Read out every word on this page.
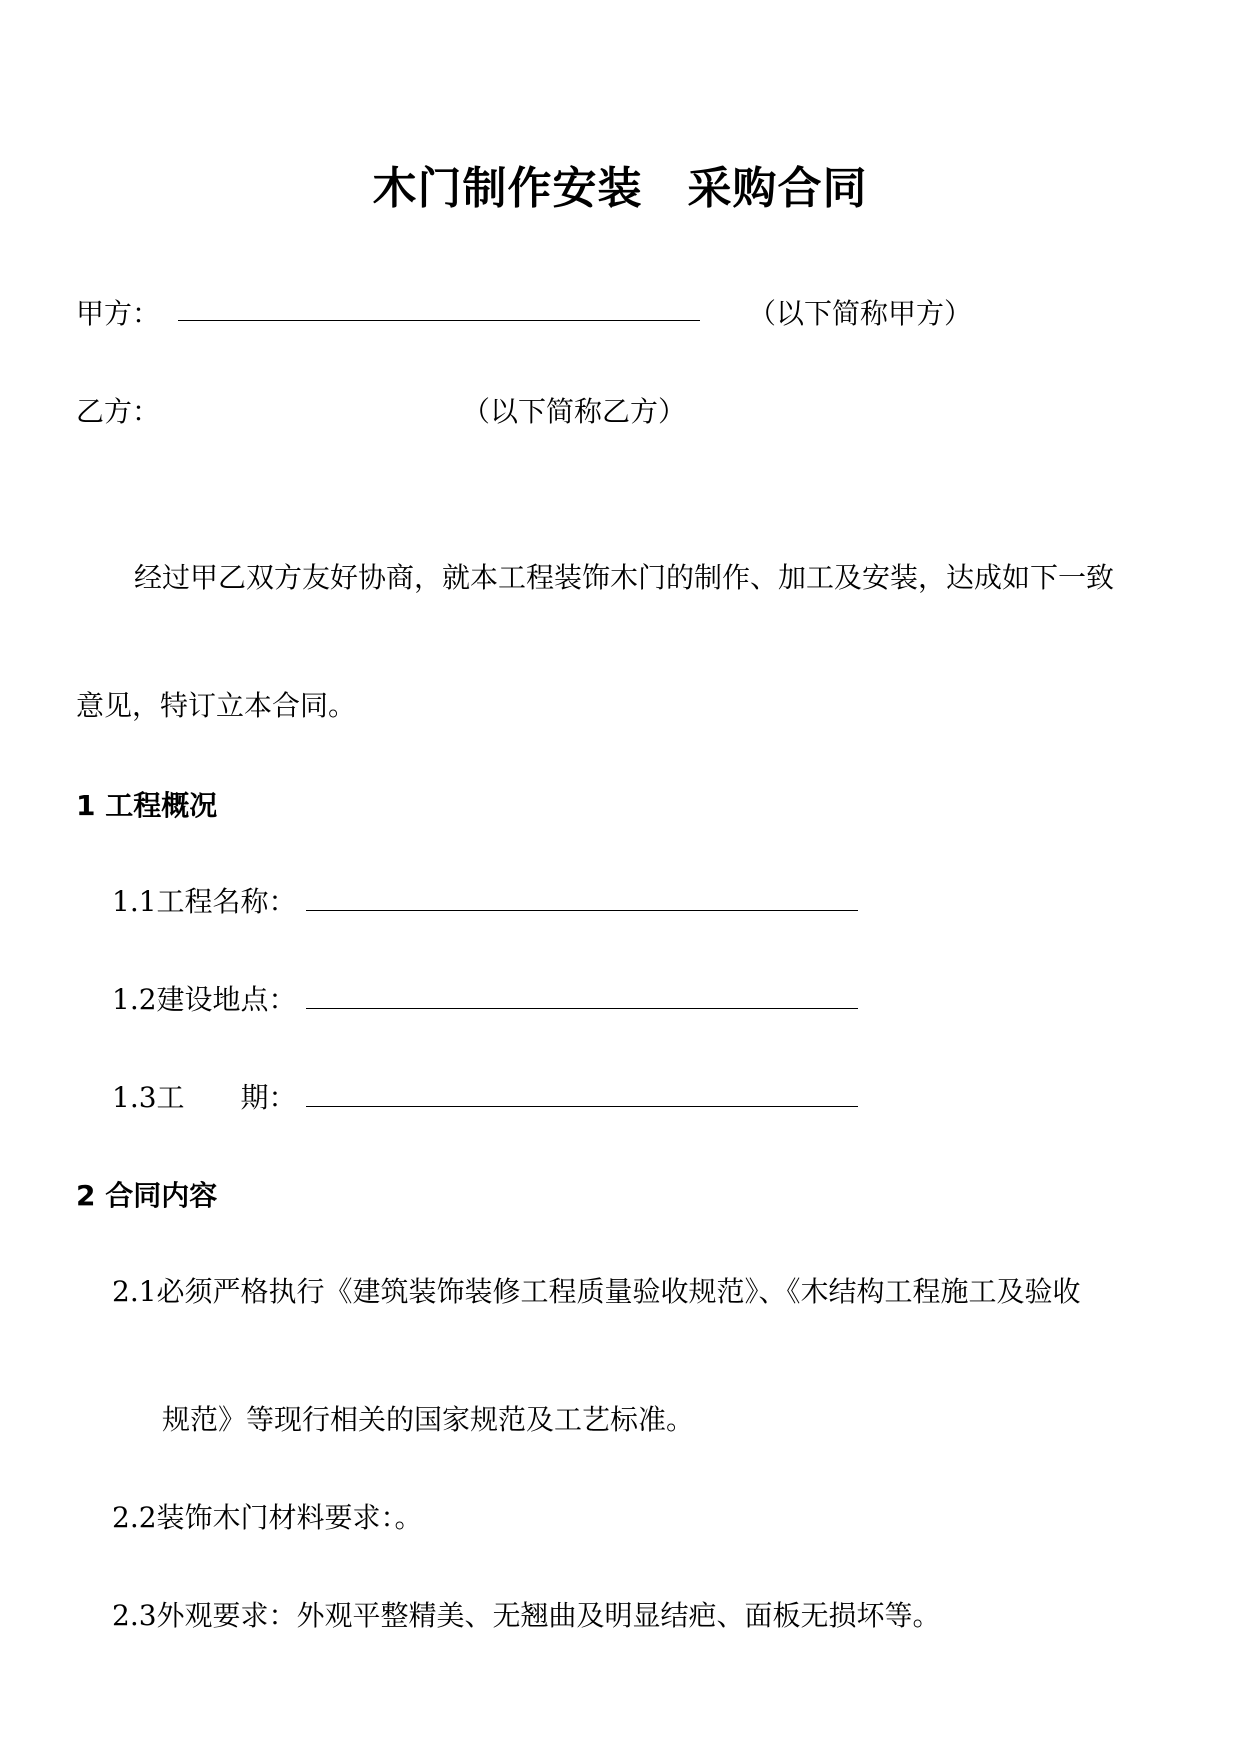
木门制作安装　采购合同
甲方：	（以下简称甲方）
乙方：	（以下简称乙方）
经过甲乙双方友好协商，就本工程装饰木门的制作、加工及安装，达成如下一致
意见，特订立本合同。
1 工程概况
1.1工程名称：
1.2建设地点：
1.3工　　期：
2 合同内容
2.1必须严格执行《建筑装饰装修工程质量验收规范》、《木结构工程施工及验收
规范》等现行相关的国家规范及工艺标准。
2.2装饰木门材料要求：。
2.3外观要求：外观平整精美、无翘曲及明显结疤、面板无损坏等。
